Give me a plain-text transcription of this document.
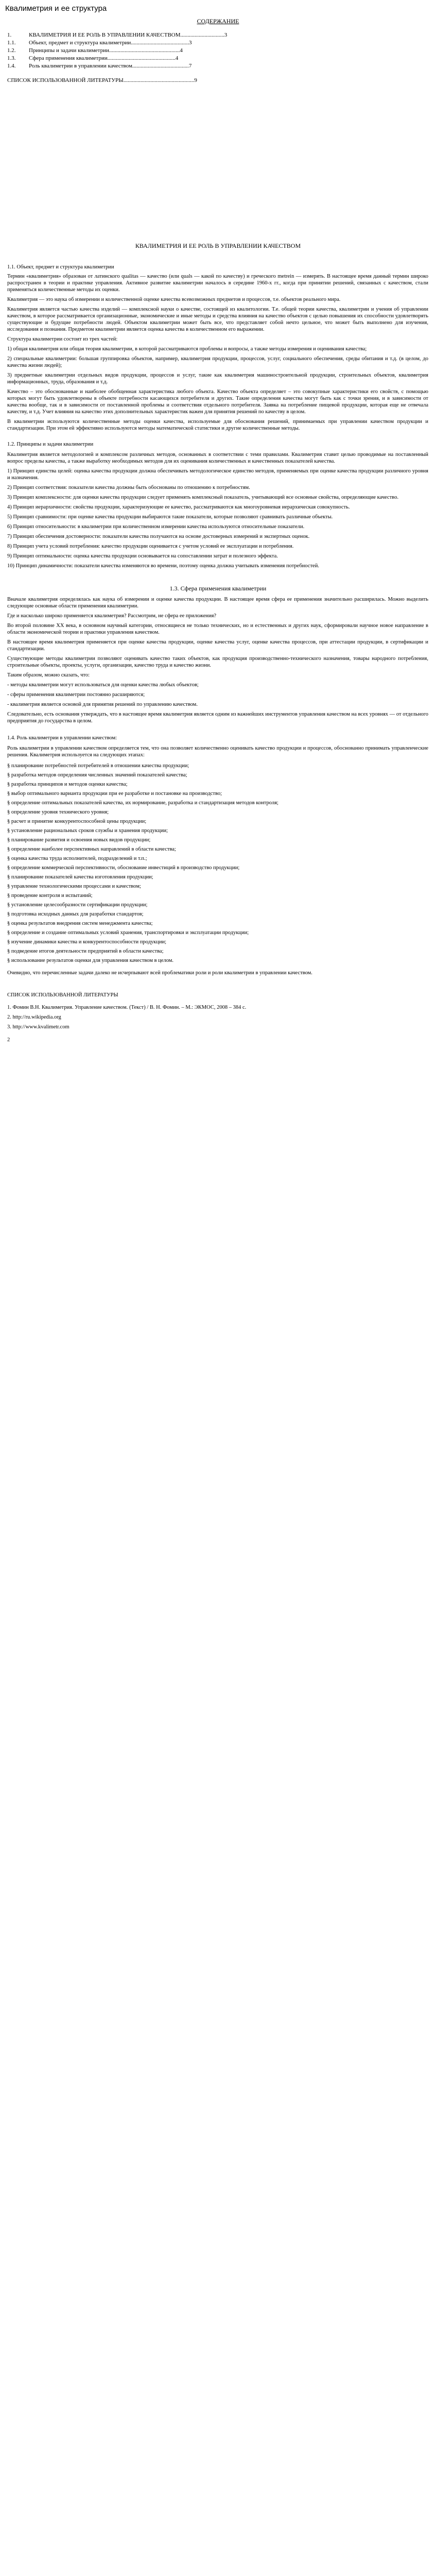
Квалиметрия и ее структура
СОДЕРЖАНИЕ
1.	КВАЛИМЕТРИЯ И ЕЕ РОЛЬ В УПРАВЛЕНИИ КАЧЕСТВОМ...............................3
1.1. Объект, предмет и структура квалиметрии.........................................3
1.2. Принципы и задачи квалиметрии..................................................4
1.3. Сфера применения квалиметрии................................................4
1.4. Роль квалиметрии в управлении качеством........................................7
СПИСОК ИСПОЛЬЗОВАННОЙ ЛИТЕРАТУРЫ..................................................9
КВАЛИМЕТРИЯ И ЕЕ РОЛЬ В УПРАВЛЕНИИ КАЧЕСТВОМ
1.1. Объект, предмет и структура квалиметрии
Термин «квалиметрия» образован от латинского qualitas — качество (или quals — какой по качеству) и греческого metrein — измерять. В настоящее время данный термин широко распространен в теории и практике управления. Активное развитие квалиметрии началось в середине 1960-х гг., когда при принятии решений, связанных с качеством, стали применяться количественные методы их оценки.
Квалиметрия — это наука об измерении и количественной оценке качества всевозможных предметов и процессов, т.е. объектов реального мира.
Квалиметрия является частью качества изделий — комплексной науки о качестве, состоящей из квалитологии. Т.е. общей теории качества, квалиметрии и учения об управлении качеством, в которое рассматривается организационные, экономические и иные методы и средства влияния на качество объектов с целью повышения их способности удовлетворять существующие и будущие потребности людей. Объектом квалиметрии может быть все, что представляет собой нечто цельное, что может быть выполнено для изучения, исследования и познания. Предметом квалиметрии является оценка качества в количественном его выражении.
Структура квалиметрии состоит из трех частей:
1) общая квалиметрия или общая теория квалиметрии, в которой рассматриваются проблемы и вопросы, а также методы измерения и оценивания качества;
2) специальные квалиметрии: большая группировка объектов, например, квалиметрия продукции, процессов, услуг, социального обеспечения, среды обитания и т.д. (в целом, до качества жизни людей);
3) предметные квалиметрии отдельных видов продукции, процессов и услуг, такие как квалиметрия машиностроительной продукции, строительных объектов, квалиметрия информационных, труда, образования и т.д.
Качество – это обоснованные и наиболее обобщенная характеристика любого объекта. Качество объекта определяет – это совокупные характеристики его свойств, с помощью которых могут быть удовлетворены в объекте потребности касающихся потребителя и других. Такие определения качества могут быть как с точки зрения, и в зависимости от качества вообще, так и в зависимости от поставленной проблемы и соответствия отдельного потребителя. Заявка на потребление пищевой продукции, которая еще не отвечала качеству, и т.д. Учет влияния на качество этих дополнительных характеристик важен для принятия решений по качеству в целом.
В квалиметрии используются количественные методы оценки качества, используемые для обоснования решений, принимаемых при управлении качеством продукции и стандартизации. При этом ей эффективно используются методы математической статистики и другие количественные методы.
1.2. Принципы и задачи квалиметрии
Квалиметрия является методологией и комплексом различных методов, основанных в соответствии с теми правилами. Квалиметрия ставит целью проводимые на поставленный вопрос пределы качества, а также выработку необходимых методов для их оценивания количественных и качественных показателей качества.
1) Принцип единства целей: оценка качества продукции должна обеспечивать методологическое единство методов, применяемых при оценке качества продукции различного уровня и назначения.
2) Принцип соответствия: показатели качества должны быть обоснованы по отношению к потребностям.
3) Принцип комплексности: для оценки качества продукции следует применять комплексный показатель, учитывающий все основные свойства, определяющие качество.
4) Принцип иерархичности: свойства продукции, характеризующие ее качество, рассматриваются как многоуровневая иерархическая совокупность.
5) Принцип сравнимости: при оценке качества продукции выбираются такие показатели, которые позволяют сравнивать различные объекты.
6) Принцип относительности: в квалиметрии при количественном измерении качества используются относительные показатели.
7) Принцип обеспечения достоверности: показатели качества получаются на основе достоверных измерений и экспертных оценок.
8) Принцип учета условий потребления: качество продукции оценивается с учетом условий ее эксплуатации и потребления.
9) Принцип оптимальности: оценка качества продукции основывается на сопоставлении затрат и полезного эффекта.
10) Принцип динамичности: показатели качества изменяются во времени, поэтому оценка должна учитывать изменения потребностей.
1.3. Сфера применения квалиметрии
Вначале квалиметрия определялась как наука об измерении и оценке качества продукции. В настоящее время сфера ее применения значительно расширилась. Можно выделить следующие основные области применения квалиметрии.
Где и насколько широко применяется квалиметрия? Рассмотрим, не сфера ее приложения?
Во второй половине XX века, в основном научный категории, относящиеся не только технических, но и естественных и других наук, сформировали научное новое направление в области экономической теории и практики управления качеством.
В настоящее время квалиметрия применяется при оценке качества продукции, оценке качества услуг, оценке качества процессов, при аттестации продукции, в сертификации и стандартизации.
Существующие методы квалиметрии позволяют оценивать качество таких объектов, как продукция производственно-технического назначения, товары народного потребления, строительные объекты, проекты, услуги, организации, качество труда и качество жизни.
Таким образом, можно сказать, что:
- методы квалиметрии могут использоваться для оценки качества любых объектов;
- сферы применения квалиметрии постоянно расширяются;
- квалиметрия является основой для принятия решений по управлению качеством.
Следовательно, есть основания утверждать, что в настоящее время квалиметрия является одним из важнейших инструментов управления качеством на всех уровнях — от отдельного предприятия до государства в целом.
1.4. Роль квалиметрии в управлении качеством:
Роль квалиметрии в управлении качеством определяется тем, что она позволяет количественно оценивать качество продукции и процессов, обоснованно принимать управленческие решения. Квалиметрия используется на следующих этапах:
§ планирование потребностей потребителей в отношении качества продукции;
§ разработка методов определения численных значений показателей качества;
§ разработка принципов и методов оценки качества;
§ выбор оптимального варианта продукции при ее разработке и постановке на производство;
§ определение оптимальных показателей качества, их нормирование, разработка и стандартизация методов контроля;
§ определение уровня технического уровня;
§ расчет и принятие конкурентоспособной цены продукции;
§ установление рациональных сроков службы и хранения продукции;
§ планирование развития и освоения новых видов продукции;
§ определение наиболее перспективных направлений в области качества;
§ оценка качества труда исполнителей, подразделений и т.п.;
§ определение коммерческой перспективности, обоснование инвестиций в производство продукции;
§ планирование показателей качества изготовления продукции;
§ управление технологическими процессами и качеством;
§ проведение контроля и испытаний;
§ установление целесообразности сертификации продукции;
§ подготовка исходных данных для разработки стандартов;
§ оценка результатов внедрения систем менеджмента качества;
§ определение и создание оптимальных условий хранения, транспортировки и эксплуатации продукции;
§ изучение динамики качества и конкурентоспособности продукции;
§ подведение итогов деятельности предприятий в области качества;
§ использование результатов оценки для управления качеством в целом.
Очевидно, что перечисленные задачи далеко не исчерпывают всей проблематики роли и роли квалиметрии в управлении качеством.
СПИСОК ИСПОЛЬЗОВАННОЙ ЛИТЕРАТУРЫ
1. Фомин В.Н. Квалиметрия. Управление качеством. (Текст) / В. Н. Фомин. – М.: ЭКМОС, 2008 – 384 с.
2. http://ru.wikipedia.org
3. http://www.kvalimetr.com
2
